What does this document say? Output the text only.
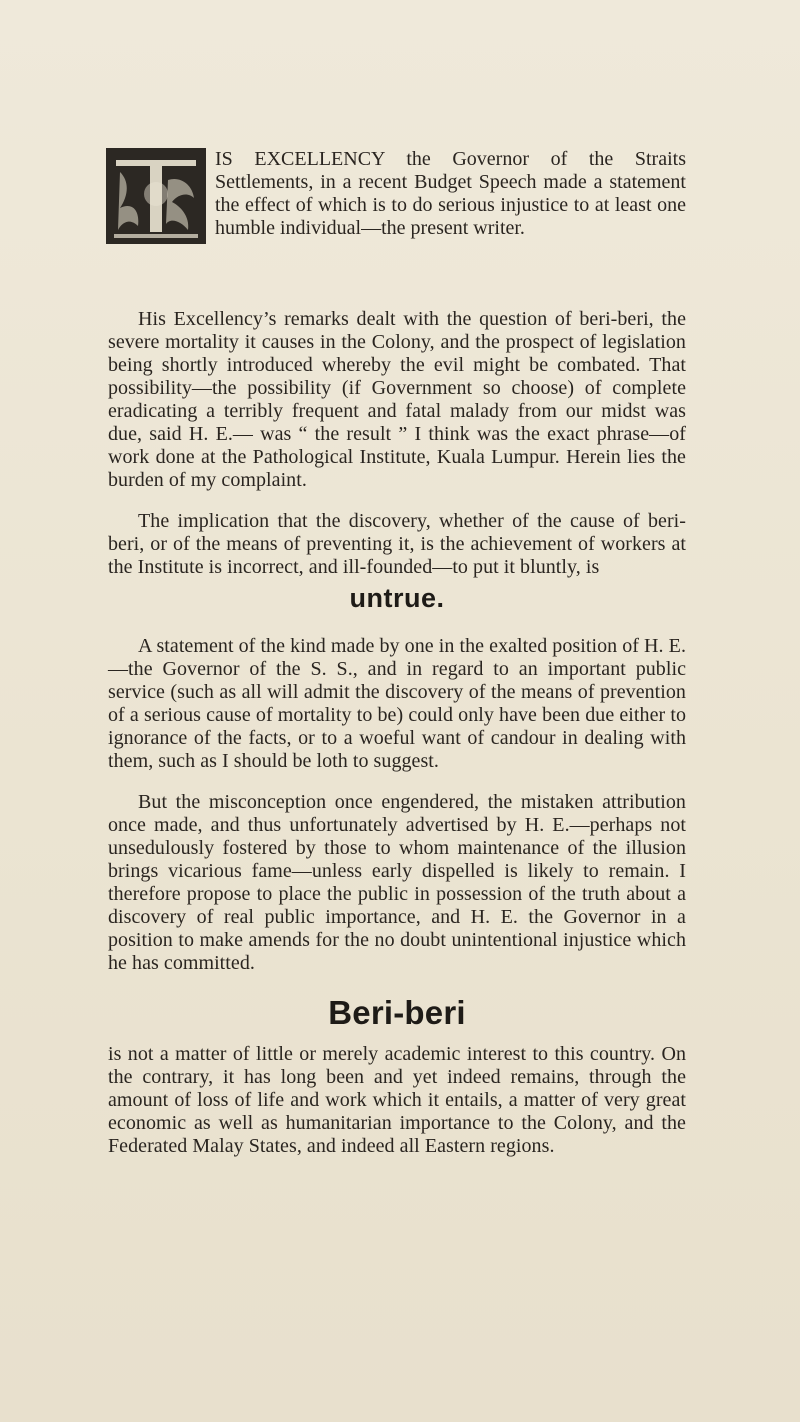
IS EXCELLENCY the Governor of the Straits Settlements, in a recent Budget Speech made a statement the effect of which is to do serious injustice to at least one humble individual—the present writer.

His Excellency’s remarks dealt with the question of beri-beri, the severe mortality it causes in the Colony, and the prospect of legislation being shortly introduced whereby the evil might be combated. That possibility—the possibility (if Government so choose) of complete eradicating a terribly frequent and fatal malady from our midst was due, said H. E.— was “ the result ” I think was the exact phrase—of work done at the Pathological Institute, Kuala Lumpur. Herein lies the burden of my complaint.

The implication that the discovery, whether of the cause of beri-beri, or of the means of preventing it, is the achievement of workers at the Institute is incorrect, and ill-founded—to put it bluntly, is

untrue.

A statement of the kind made by one in the exalted position of H. E.—the Governor of the S. S., and in regard to an important public service (such as all will admit the discovery of the means of prevention of a serious cause of mortality to be) could only have been due either to ignorance of the facts, or to a woeful want of candour in dealing with them, such as I should be loth to suggest.

But the misconception once engendered, the mistaken attribution once made, and thus unfortunately advertised by H. E.—perhaps not unsedulously fostered by those to whom maintenance of the illusion brings vicarious fame—unless early dispelled is likely to remain. I therefore propose to place the public in possession of the truth about a discovery of real public importance, and H. E. the Governor in a position to make amends for the no doubt unintentional injustice which he has committed.

Beri-beri

is not a matter of little or merely academic interest to this country. On the contrary, it has long been and yet indeed remains, through the amount of loss of life and work which it entails, a matter of very great economic as well as humanitarian importance to the Colony, and the Federated Malay States, and indeed all Eastern regions.
